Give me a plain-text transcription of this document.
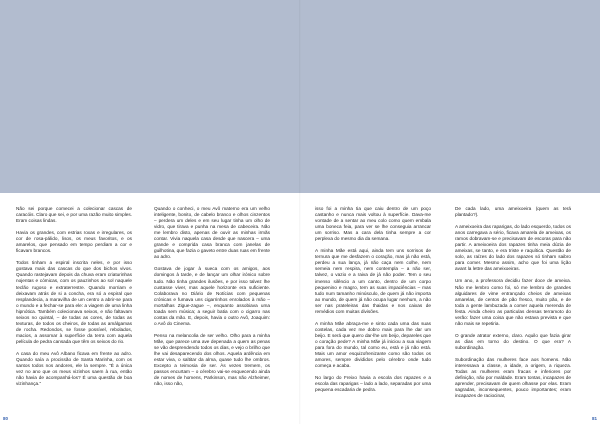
Não sei porque comecei a colecionar cascas de caracóis. Claro que sei, e por uma razão muito simples. Eram coisas lindas.

Havia os grandes, com estrias roxas e irregulares, os cor de rosa-pálido, lisos, os meus favoritos, e os amarelos, que pensado em tempo perdiam a cor e ficavam brancos.

Todos tinham a espiral inscrita neles, e por isso gostava mais das cascas do que dos bichos vivos. Quando rastejavam depois da chuva eram criaturinhas nojentas e cómicas, com os pauzinhos ao sol naquele teclão rugoso e extraterrestre. Quando morriam e deixavam atrás de si a concha, era só a espiral que resplandecia, a maravilha de um centro a abrir-se para o mundo e a fechar-se para ele: a viagem de uma linha hipnótica. Também colecionava seixos, e não faltavam seixos no quintal, – de todas as cores, de todas as texturas, de todos os cheiros, de todas as amálgamas de rocha. Redondos, se fosse possível, rebolados, macios, a assomar à superfície da terra com aquela película de pedra cansada que têm os seixos do rio.

A casa do meu Avô Albano ficava em frente ao adro. Quando saía a procissão de Santa Marinha, com os santos todos nos andores, ele la sempre. “É a única vez no ano que os meus vizinhos saem à rua, então não havia de acompanhá-los? É uma questão de boa vizinhança.”

Quando o conheci, o meu Avô materno era um velho inteligente, bonito, de cabelo branco e olhos cinzentos – perdera um deles e em seu lugar tinha um olho de vidro, que tirava e punha na mesa de cabeceira. Não me lembro disto, apenas de ouvir as minhas irmãs contar. Vivia naquela casa desde que nascera – uma grande e comprida casa branca com janelas de guilhotina, que fazia o gaveto entre duas ruas em frente ao adro.

Gostava de jogar à sueca com os amigos, aos domingos à tarde, e de lançar um olhar irónico sobre tudo. Não tinha grandes ilusões, e por isso talvez lhe custasse viver, mas aquele horizonte era suficiente. Colaborava no Diário de Notícias com pequenas crónicas e fumava uns cigarrinhos enrolados à mão – mortalhas Zigue-zague –, enquanto assobiava uma toada sem música; a seguir batia com o cigarro nas costas da mão. E, depois, havia o outro Avô, Joaquim: o Avô do Cinema.

Penso na melancolia de ser velho. Olho para a minha Mãe, que parece uma ave depenada a quem as penas se vão desprendendo todos os dias, e vejo o brilho que lhe vai desaparecendo dos olhos. Aquela ardência em estar viva, o saltitar da alma, quase tudo lhe ombros. Excepto a teimosia de ser. Às vezes tremem, os passos encurtam – o cérebro vai-se esquecendo ainda de nomes de homens, Parkinson, mas não Alzheimer, não, isso não,

isso foi a minha tia que caiu dentro de um poço castanho e nunca mais voltou à superfície. Dava-me vontade de a sentar ao meu colo como quem embala uma boneca feia, para ver se lhe conseguia arrancar um sorriso. Mas a cara dela tinha sempre a cor perplexa do mesmo dia da semana.

A minha Mãe está aqui, ainda tem uns sorrisos de ternura que me desfazem o coração, mas já não está, perdeu a sua lança, já não caça nem colhe, nem semeia nem respira, nem contempla – a não ser, talvez, o vazio e a raiva de já não poder. Tem o seu imenso silêncio a um canto, dentro de um corpo pequenino e magro, tem as suas impaciências – mas tudo num tamanho minúsculo, de quem já não importa ao mundo, de quem já não ocupa lugar nenhum, a não ser nas prateleiras das thaidas e nos caixas de remédios com muitas divisões.

A minha Mãe abraça-me e sinto cada uma das suas costelas, cada vez me dobro mais para lhe dar um beijo. E será que quero dar-lhe um beijo, depareles que o coração pede? A minha Mãe já iniciou a sua viagem para fora do mundo, tal como eu, está e já não está. Mais um amor esquizofrenizante como são todos os amores, sempre divididos pelo cérebro onde tudo começa e acaba.

No largo do Freixo havia a escola dos rapazes e a escola das raparigas – lado a lado, separadas por uma pequena escadaria de pedra.

De cada lado, uma ameixoeira (quem as terá plantado?).

A ameixoeira das raparigas, do lado esquerdo, todos os anos carregava a sério, ficava amarela de ameixas, os ramos dobravam-se e precisavam de escoras para não partir. A ameixoeira dos rapazes tinha meia dúzia de ameixas, se tanto, e era triste e raquítica. Questão de solo, as raízes do lado dos rapazes só tinham saibro para comer. Mesmo assim, acho que foi uma lição avant la lettre das ameixoeiras.

Um ano, a professora decidiu fazer doce de ameixa. Não me lembro como foi, só me lembro de grandes alguidares de vime entrançado cheios de ameixas amarelas, de centos de pão fresco, muito pão, e de toda a gente lambuzada a comer aquela merenda de festa. Ainda cheiro as particulas densas terramoto do verão: fazer uma coisa que não estava prevista e que não mais se repetiria.

O grande atrator externo, claro. Aquilo que fazia girar as dias em torno do destino. O que era? A subordinação.

Subordinação das mulheres face aos homens. Não interessava a classe, a idade, a origem, a riqueza. Todas as mulheres eram fracas e inferiores por definição, não por maldade. Eram tontas, incapazes de aprender, precisavam de quem olhasse por elas. Eram sagradas, inconsequentes, pouco importantes; eram incapazes de raciocinar,

80	81
